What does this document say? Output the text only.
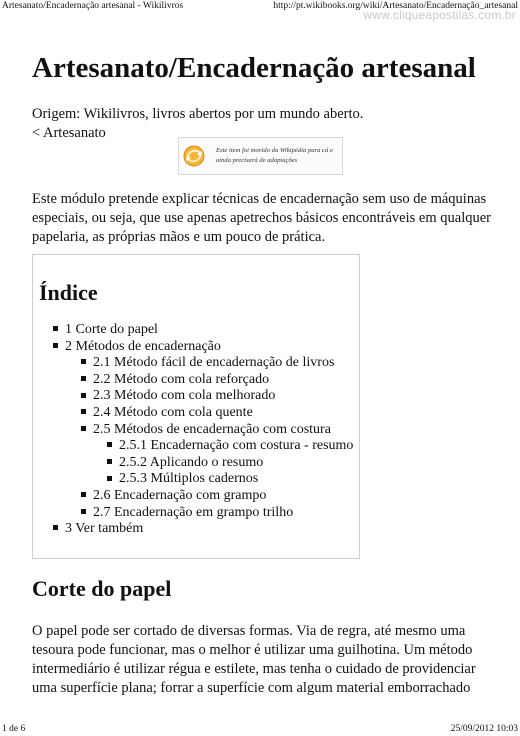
Artesanato/Encadernação artesanal - Wikilivros	http://pt.wikibooks.org/wiki/Artesanato/Encadernação_artesanal
www.cliqueapostilas.com.br
Artesanato/Encadernação artesanal
Origem: Wikilivros, livros abertos por um mundo aberto.
< Artesanato
Este item foi movido da Wikipédia para cá e ainda precisará de adaptações

Este módulo pretende explicar técnicas de encadernação sem uso de máquinas especiais, ou seja, que use apenas apetrechos básicos encontráveis em qualquer papelaria, as próprias mãos e um pouco de prática.

Índice
1 Corte do papel
2 Métodos de encadernação
2.1 Método fácil de encadernação de livros
2.2 Método com cola reforçado
2.3 Método com cola melhorado
2.4 Método com cola quente
2.5 Métodos de encadernação com costura
2.5.1 Encadernação com costura - resumo
2.5.2 Aplicando o resumo
2.5.3 Múltiplos cadernos
2.6 Encadernação com grampo
2.7 Encadernação em grampo trilho
3 Ver também
Corte do papel

O papel pode ser cortado de diversas formas. Via de regra, até mesmo uma tesoura pode funcionar, mas o melhor é utilizar uma guilhotina. Um método intermediário é utilizar régua e estilete, mas tenha o cuidado de providenciar uma superfície plana; forrar a superfície com algum material emborrachado

1 de 6	25/09/2012 10:03
